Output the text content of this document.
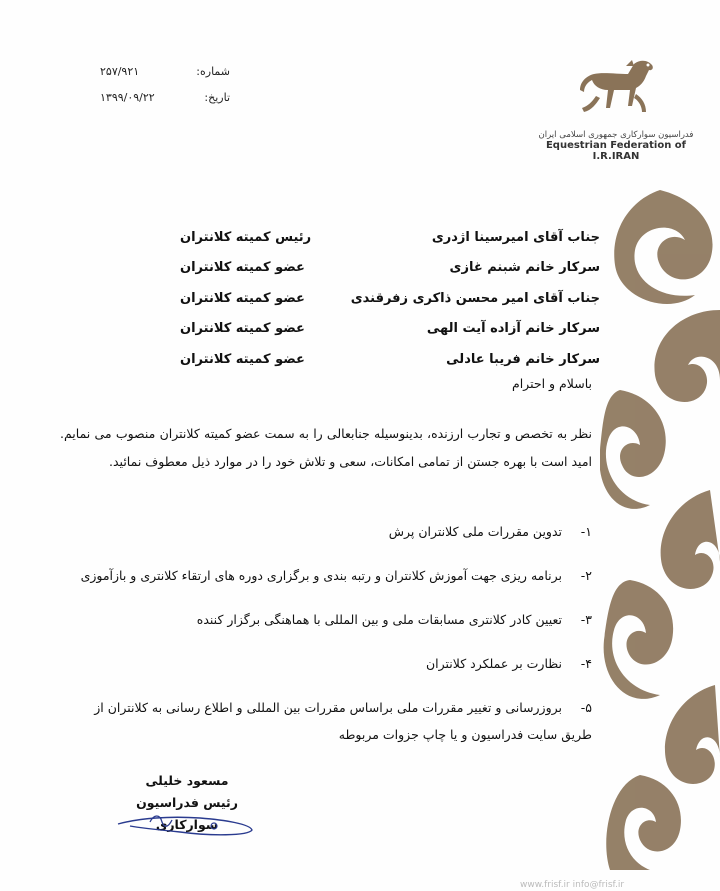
۲۵۷/۹۲۱	شماره:
۱۳۹۹/۰۹/۲۲	تاریخ:
فدراسیون سوارکاری جمهوری اسلامی ایران
Equestrian Federation of I.R.IRAN
جناب آقای امیرسینا اژدری
رئیس کمیته کلانتران
سرکار خانم شبنم غازی
عضو کمیته کلانتران
جناب آقای امیر محسن ذاکری زفرقندی
عضو کمیته کلانتران
سرکار خانم آزاده آیت الهی
عضو کمیته کلانتران
سرکار خانم فریبا عادلی
عضو کمیته کلانتران
باسلام و احترام
نظر به تخصص و تجارب ارزنده، بدینوسیله جنابعالی را به سمت عضو کمیته کلانتران منصوب می نمایم. امید است با بهره جستن از تمامی امکانات، سعی و تلاش خود را در موارد ذیل معطوف نمائید.
۱- تدوین مقررات ملی کلانتران پرش
۲- برنامه ریزی جهت آموزش کلانتران و رتبه بندی و برگزاری دوره های ارتقاء کلانتری و بازآموزی
۳- تعیین کادر کلانتری مسابقات ملی و بین المللی با هماهنگی برگزار کننده
۴- نظارت بر عملکرد کلانتران
۵- بروزرسانی و تغییر مقررات ملی براساس مقررات بین المللی و اطلاع رسانی به کلانتران از طریق سایت فدراسیون و یا چاپ جزوات مربوطه
مسعود خلیلی
رئیس فدراسیون سوارکاری
www.frisf.ir info@frisf.ir
